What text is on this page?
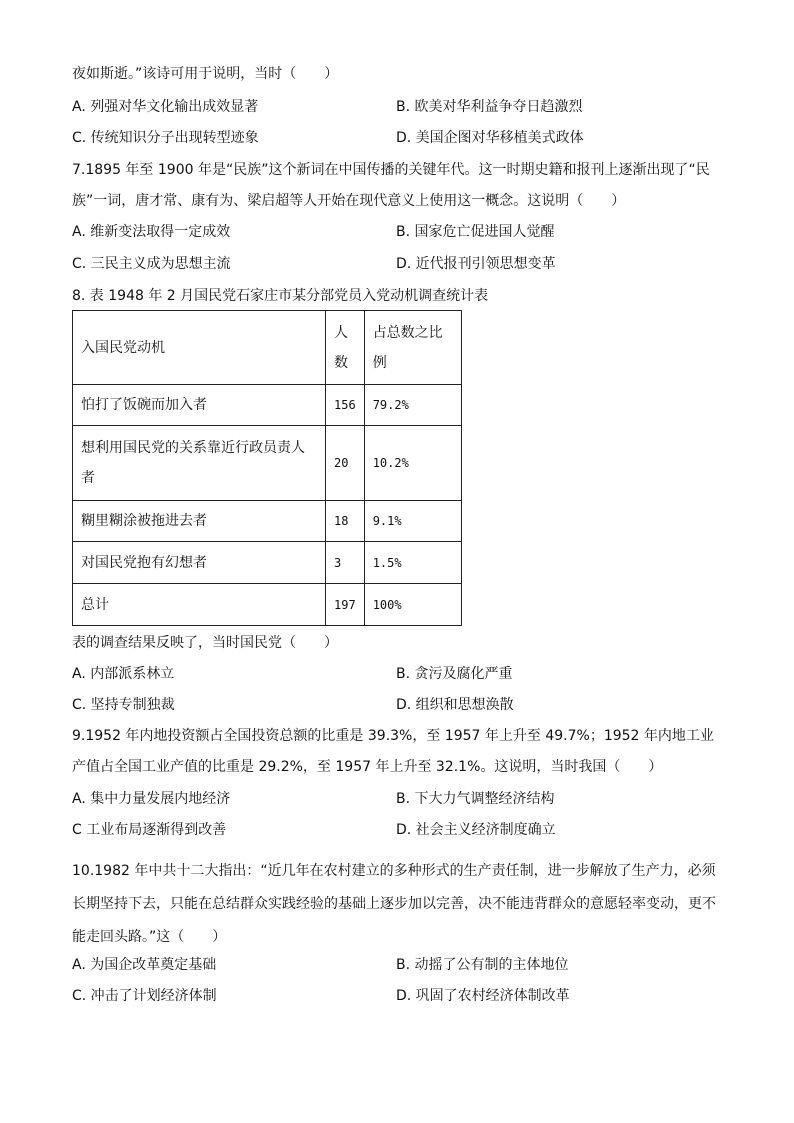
夜如斯逝。”该诗可用于说明，当时（　　）
A. 列强对华文化输出成效显著	B. 欧美对华利益争夺日趋激烈
C. 传统知识分子出现转型迹象	D. 美国企图对华移植美式政体
7.1895 年至 1900 年是“民族”这个新词在中国传播的关键年代。这一时期史籍和报刊上逐渐出现了“民族”一词，唐才常、康有为、梁启超等人开始在现代意义上使用这一概念。这说明（　　）
A. 维新变法取得一定成效	B. 国家危亡促进国人觉醒
C. 三民主义成为思想主流	D. 近代报刊引领思想变革
8. 表 1948 年 2 月国民党石家庄市某分部党员入党动机调查统计表
入国民党动机	人数	占总数之比例
怕打了饭碗而加入者	156	79.2%
想利用国民党的关系靠近行政员责人者	20	10.2%
糊里糊涂被拖进去者	18	9.1%
对国民党抱有幻想者	3	1.5%
总计	197	100%
表的调查结果反映了，当时国民党（　　）
A. 内部派系林立	B. 贪污及腐化严重
C. 坚持专制独裁	D. 组织和思想涣散
9.1952 年内地投资额占全国投资总额的比重是 39.3%，至 1957 年上升至 49.7%；1952 年内地工业产值占全国工业产值的比重是 29.2%，至 1957 年上升至 32.1%。这说明，当时我国（　　）
A. 集中力量发展内地经济	B. 下大力气调整经济结构
C 工业布局逐渐得到改善	D. 社会主义经济制度确立
10.1982 年中共十二大指出：“近几年在农村建立的多种形式的生产责任制，进一步解放了生产力，必须长期坚持下去，只能在总结群众实践经验的基础上逐步加以完善，决不能违背群众的意愿轻率变动，更不能走回头路。”这（　　）
A. 为国企改革奠定基础	B. 动摇了公有制的主体地位
C. 冲击了计划经济体制	D. 巩固了农村经济体制改革
